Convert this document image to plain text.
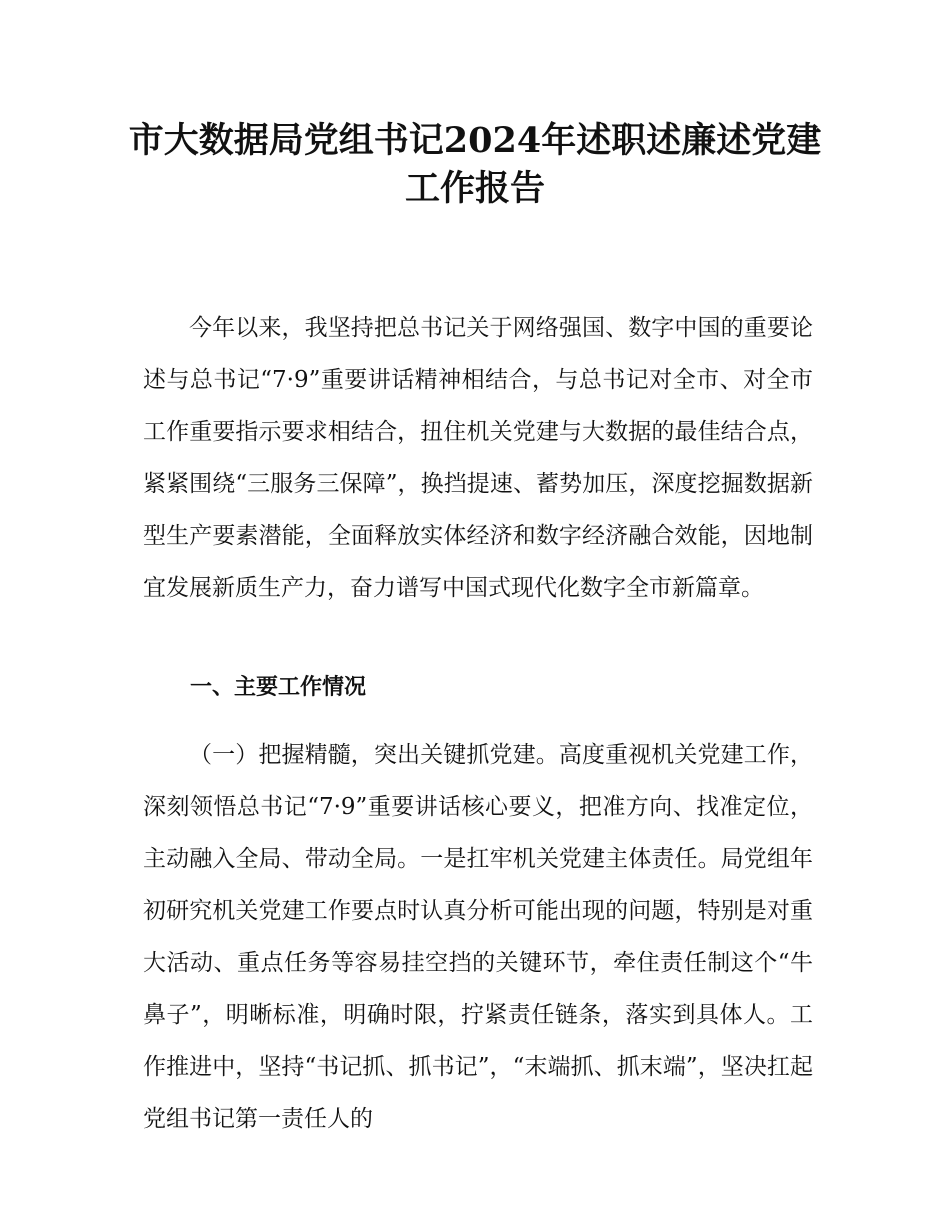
市大数据局党组书记2024年述职述廉述党建
工作报告

今年以来，我坚持把总书记关于网络强国、数字中国的重要论述与总书记“7·9”重要讲话精神相结合，与总书记对全市、对全市工作重要指示要求相结合，扭住机关党建与大数据的最佳结合点，紧紧围绕“三服务三保障”，换挡提速、蓄势加压，深度挖掘数据新型生产要素潜能，全面释放实体经济和数字经济融合效能，因地制宜发展新质生产力，奋力谱写中国式现代化数字全市新篇章。

一、主要工作情况

（一）把握精髓，突出关键抓党建。高度重视机关党建工作，深刻领悟总书记“7·9”重要讲话核心要义，把准方向、找准定位，主动融入全局、带动全局。一是扛牢机关党建主体责任。局党组年初研究机关党建工作要点时认真分析可能出现的问题，特别是对重大活动、重点任务等容易挂空挡的关键环节，牵住责任制这个“牛鼻子”，明晰标准，明确时限，拧紧责任链条，落实到具体人。工作推进中，坚持“书记抓、抓书记”，“末端抓、抓末端”，坚决扛起党组书记第一责任人的
